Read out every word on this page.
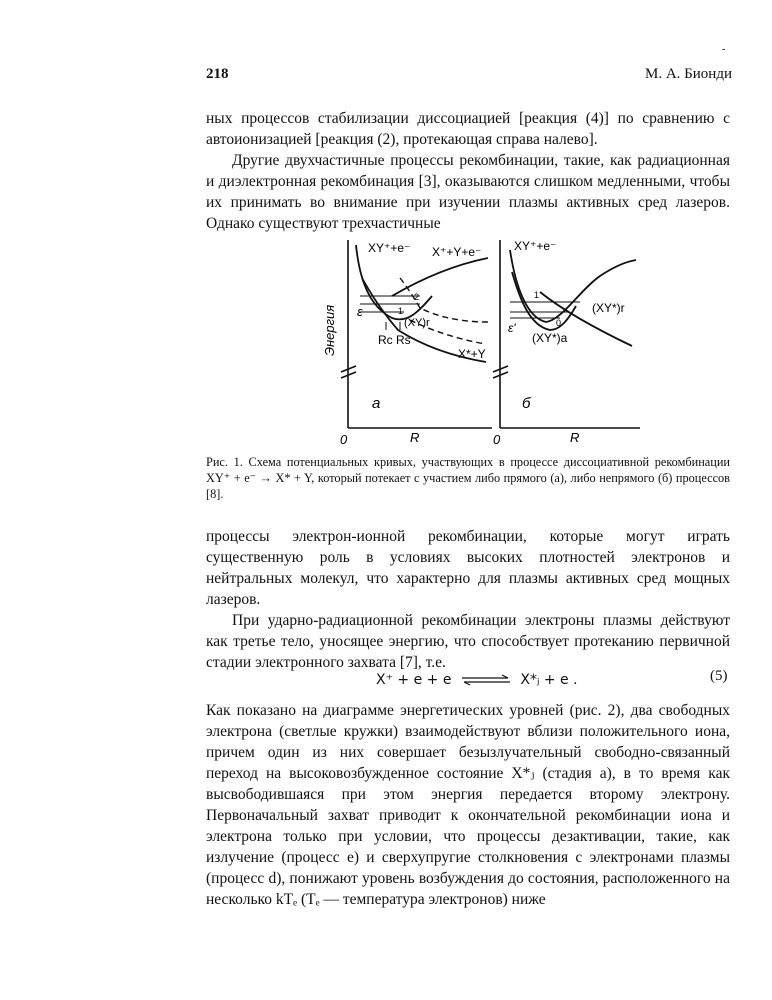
218	М. А. Бионди
-

ных процессов стабилизации диссоциацией [реакция (4)] по сравнению с автоионизацией [реакция (2), протекающая справа налево].

Другие двухчастичные процессы рекомбинации, такие, как радиационная и диэлектронная рекомбинация [3], оказываются слишком медленными, чтобы их принимать во внимание при изучении плазмы активных сред лазеров. Однако существуют трехчастичные

XY⁺+e⁻ X⁺+Y+e⁻
X*+Y
(XY)r
ε
Rc Rs
1
2
а
0	R
Энергия
XY⁺+e⁻
(XY*)r
(XY*)a
ε'
1
0
б
0	R

Рис. 1. Схема потенциальных кривых, участвующих в процессе диссоциативной рекомбинации XY⁺ + e⁻ → X* + Y, который потекает с участием либо прямого (а), либо непрямого (б) процессов [8].

процессы электрон-ионной рекомбинации, которые могут играть существенную роль в условиях высоких плотностей электронов и нейтральных молекул, что характерно для плазмы активных сред мощных лазеров.

При ударно-радиационной рекомбинации электроны плазмы действуют как третье тело, уносящее энергию, что способствует протеканию первичной стадии электронного захвата [7], т.е.

X⁺ + e + e ⇌ X*ⱼ + e .	(5)

Как показано на диаграмме энергетических уровней (рис. 2), два свободных электрона (светлые кружки) взаимодействуют вблизи положительного иона, причем один из них совершает безызлучательный свободно-связанный переход на высоковозбужденное состояние X*ⱼ (стадия а), в то время как высвободившаяся при этом энергия передается второму электрону. Первоначальный захват приводит к окончательной рекомбинации иона и электрона только при условии, что процессы дезактивации, такие, как излучение (процесс e) и сверхупругие столкновения с электронами плазмы (процесс d), понижают уровень возбуждения до состояния, расположенного на несколько kTₑ (Tₑ — температура электронов) ниже
